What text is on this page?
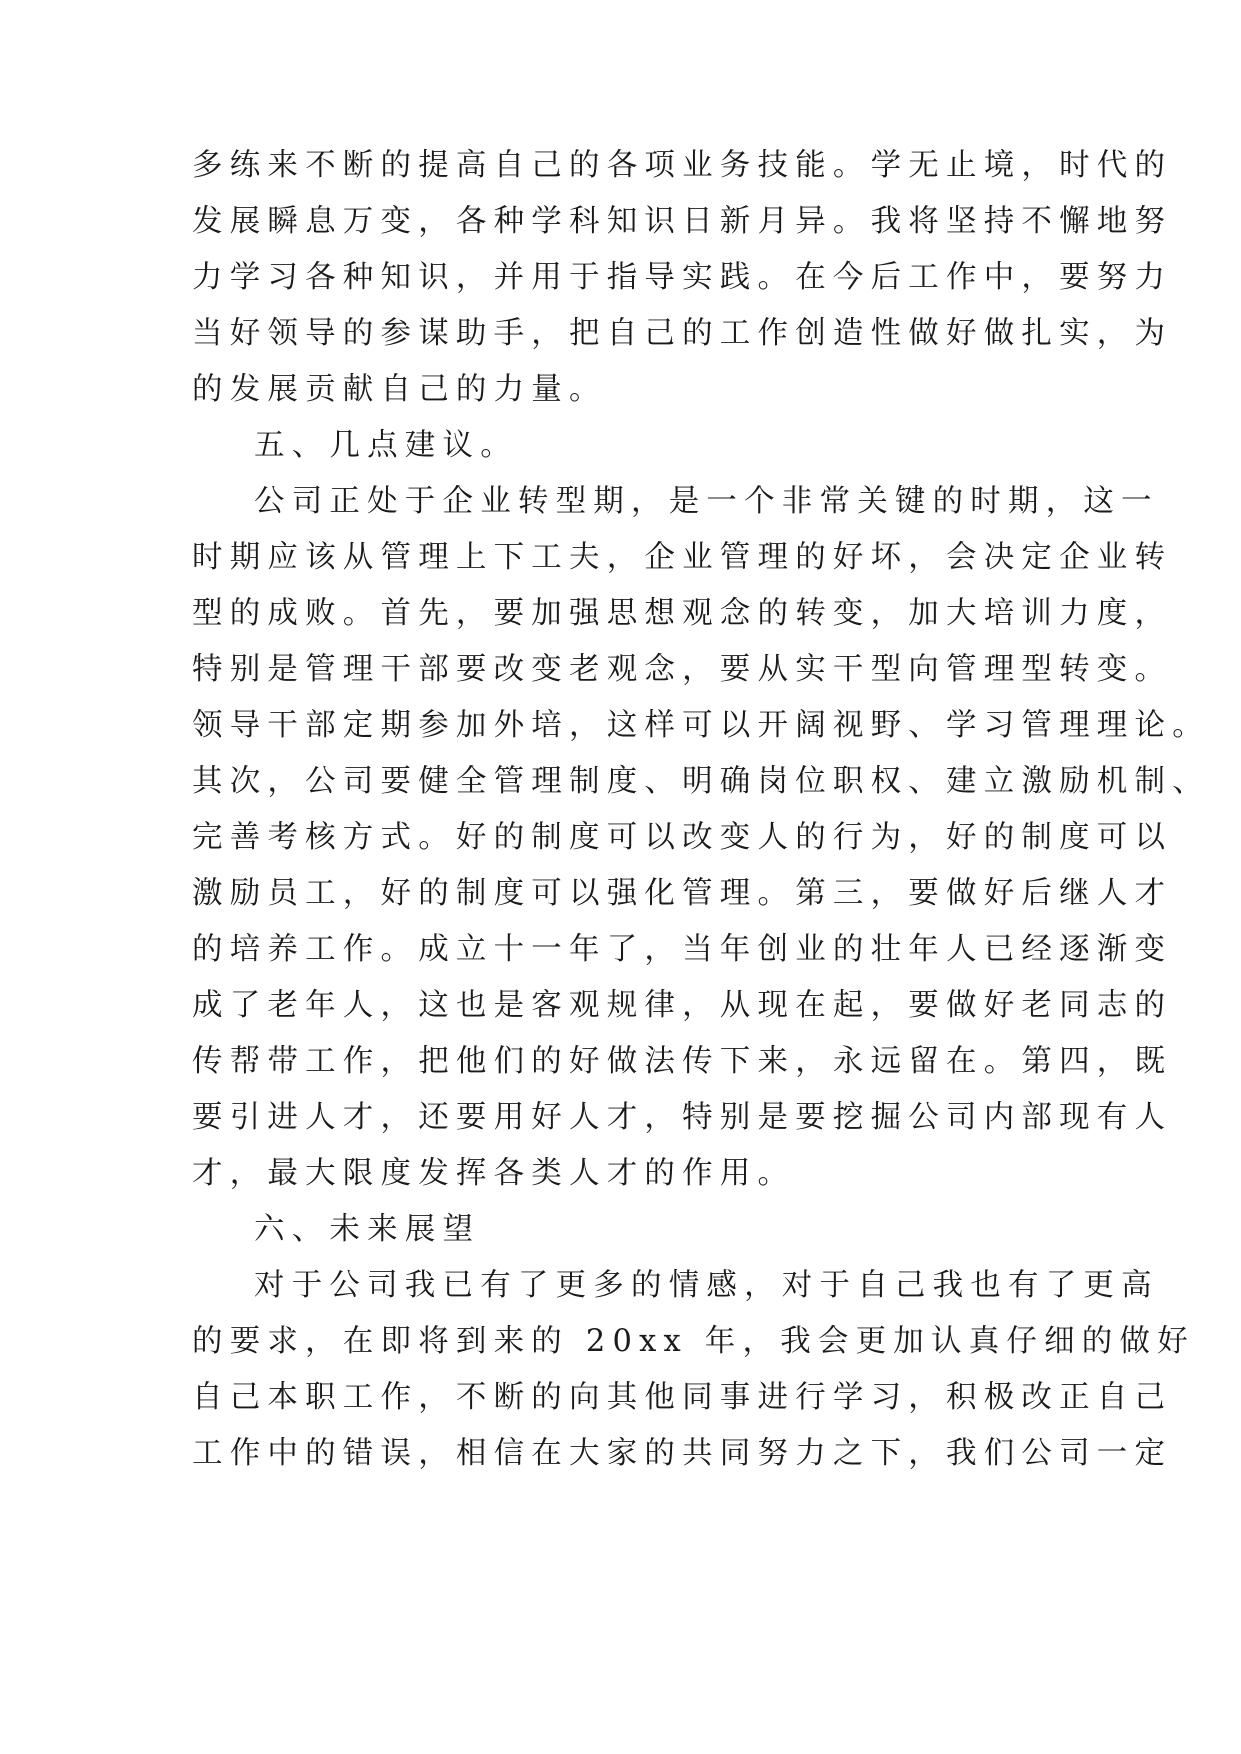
多练来不断的提高自己的各项业务技能。学无止境，时代的
发展瞬息万变，各种学科知识日新月异。我将坚持不懈地努
力学习各种知识，并用于指导实践。在今后工作中，要努力
当好领导的参谋助手，把自己的工作创造性做好做扎实，为
的发展贡献自己的力量。
五、几点建议。
公司正处于企业转型期，是一个非常关键的时期，这一
时期应该从管理上下工夫，企业管理的好坏，会决定企业转
型的成败。首先，要加强思想观念的转变，加大培训力度，
特别是管理干部要改变老观念，要从实干型向管理型转变。
领导干部定期参加外培，这样可以开阔视野、学习管理理论。
其次，公司要健全管理制度、明确岗位职权、建立激励机制、
完善考核方式。好的制度可以改变人的行为，好的制度可以
激励员工，好的制度可以强化管理。第三，要做好后继人才
的培养工作。成立十一年了，当年创业的壮年人已经逐渐变
成了老年人，这也是客观规律，从现在起，要做好老同志的
传帮带工作，把他们的好做法传下来，永远留在。第四，既
要引进人才，还要用好人才，特别是要挖掘公司内部现有人
才，最大限度发挥各类人才的作用。
六、未来展望
对于公司我已有了更多的情感，对于自己我也有了更高
的要求，在即将到来的 20xx 年，我会更加认真仔细的做好
自己本职工作，不断的向其他同事进行学习，积极改正自己
工作中的错误，相信在大家的共同努力之下，我们公司一定
